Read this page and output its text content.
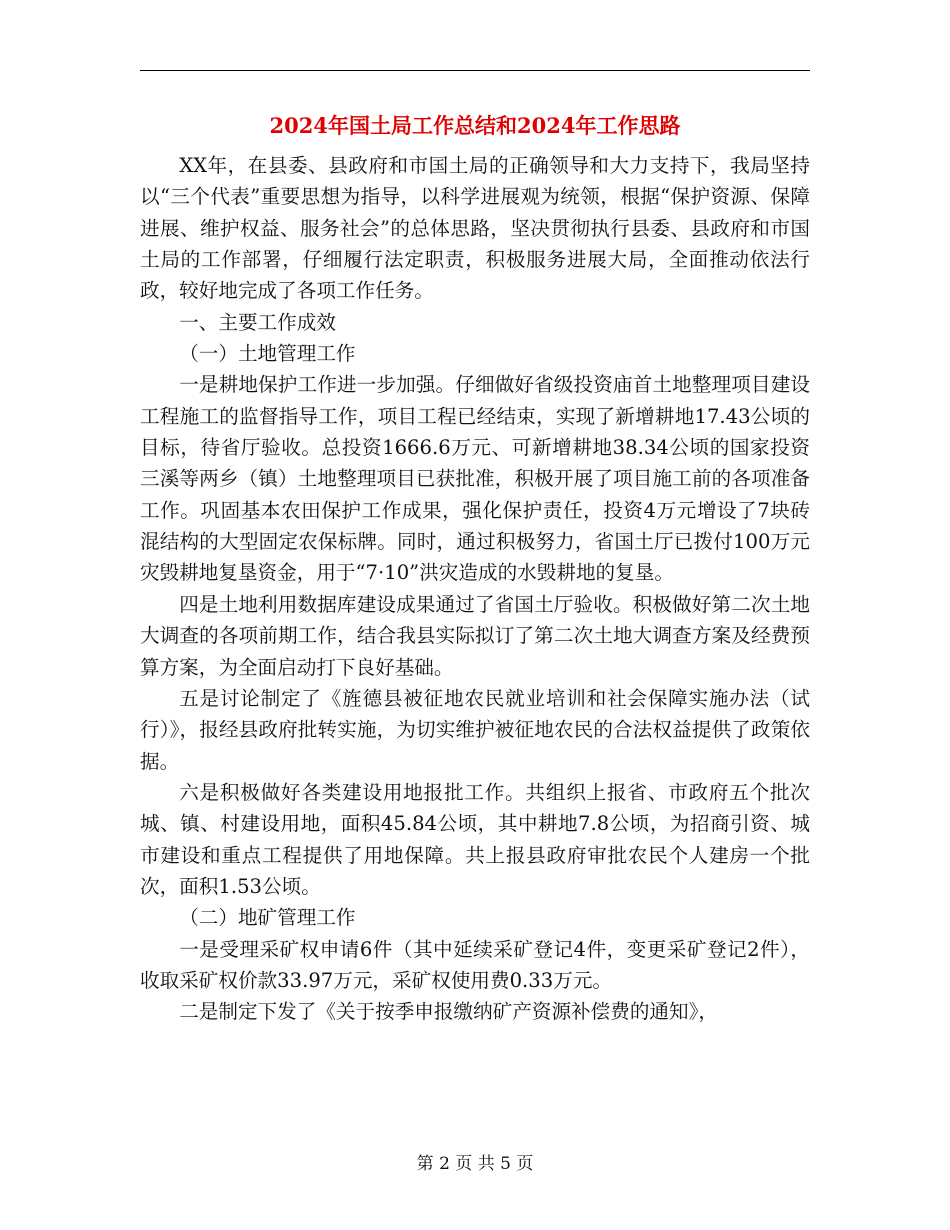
2024年国土局工作总结和2024年工作思路

XX年，在县委、县政府和市国土局的正确领导和大力支持下，我局坚持以“三个代表”重要思想为指导，以科学进展观为统领，根据“保护资源、保障进展、维护权益、服务社会”的总体思路，坚决贯彻执行县委、县政府和市国土局的工作部署，仔细履行法定职责，积极服务进展大局，全面推动依法行政，较好地完成了各项工作任务。

一、主要工作成效

（一）土地管理工作

一是耕地保护工作进一步加强。仔细做好省级投资庙首土地整理项目建设工程施工的监督指导工作，项目工程已经结束，实现了新增耕地17.43公顷的目标，待省厅验收。总投资1666.6万元、可新增耕地38.34公顷的国家投资三溪等两乡（镇）土地整理项目已获批准，积极开展了项目施工前的各项准备工作。巩固基本农田保护工作成果，强化保护责任，投资4万元增设了7块砖混结构的大型固定农保标牌。同时，通过积极努力，省国土厅已拨付100万元灾毁耕地复垦资金，用于“7·10”洪灾造成的水毁耕地的复垦。

四是土地利用数据库建设成果通过了省国土厅验收。积极做好第二次土地大调查的各项前期工作，结合我县实际拟订了第二次土地大调查方案及经费预算方案，为全面启动打下良好基础。

五是讨论制定了《旌德县被征地农民就业培训和社会保障实施办法（试行）》，报经县政府批转实施，为切实维护被征地农民的合法权益提供了政策依据。

六是积极做好各类建设用地报批工作。共组织上报省、市政府五个批次城、镇、村建设用地，面积45.84公顷，其中耕地7.8公顷，为招商引资、城市建设和重点工程提供了用地保障。共上报县政府审批农民个人建房一个批次，面积1.53公顷。

（二）地矿管理工作

一是受理采矿权申请6件（其中延续采矿登记4件，变更采矿登记2件），收取采矿权价款33.97万元，采矿权使用费0.33万元。

二是制定下发了《关于按季申报缴纳矿产资源补偿费的通知》，

第 2 页 共 5 页
